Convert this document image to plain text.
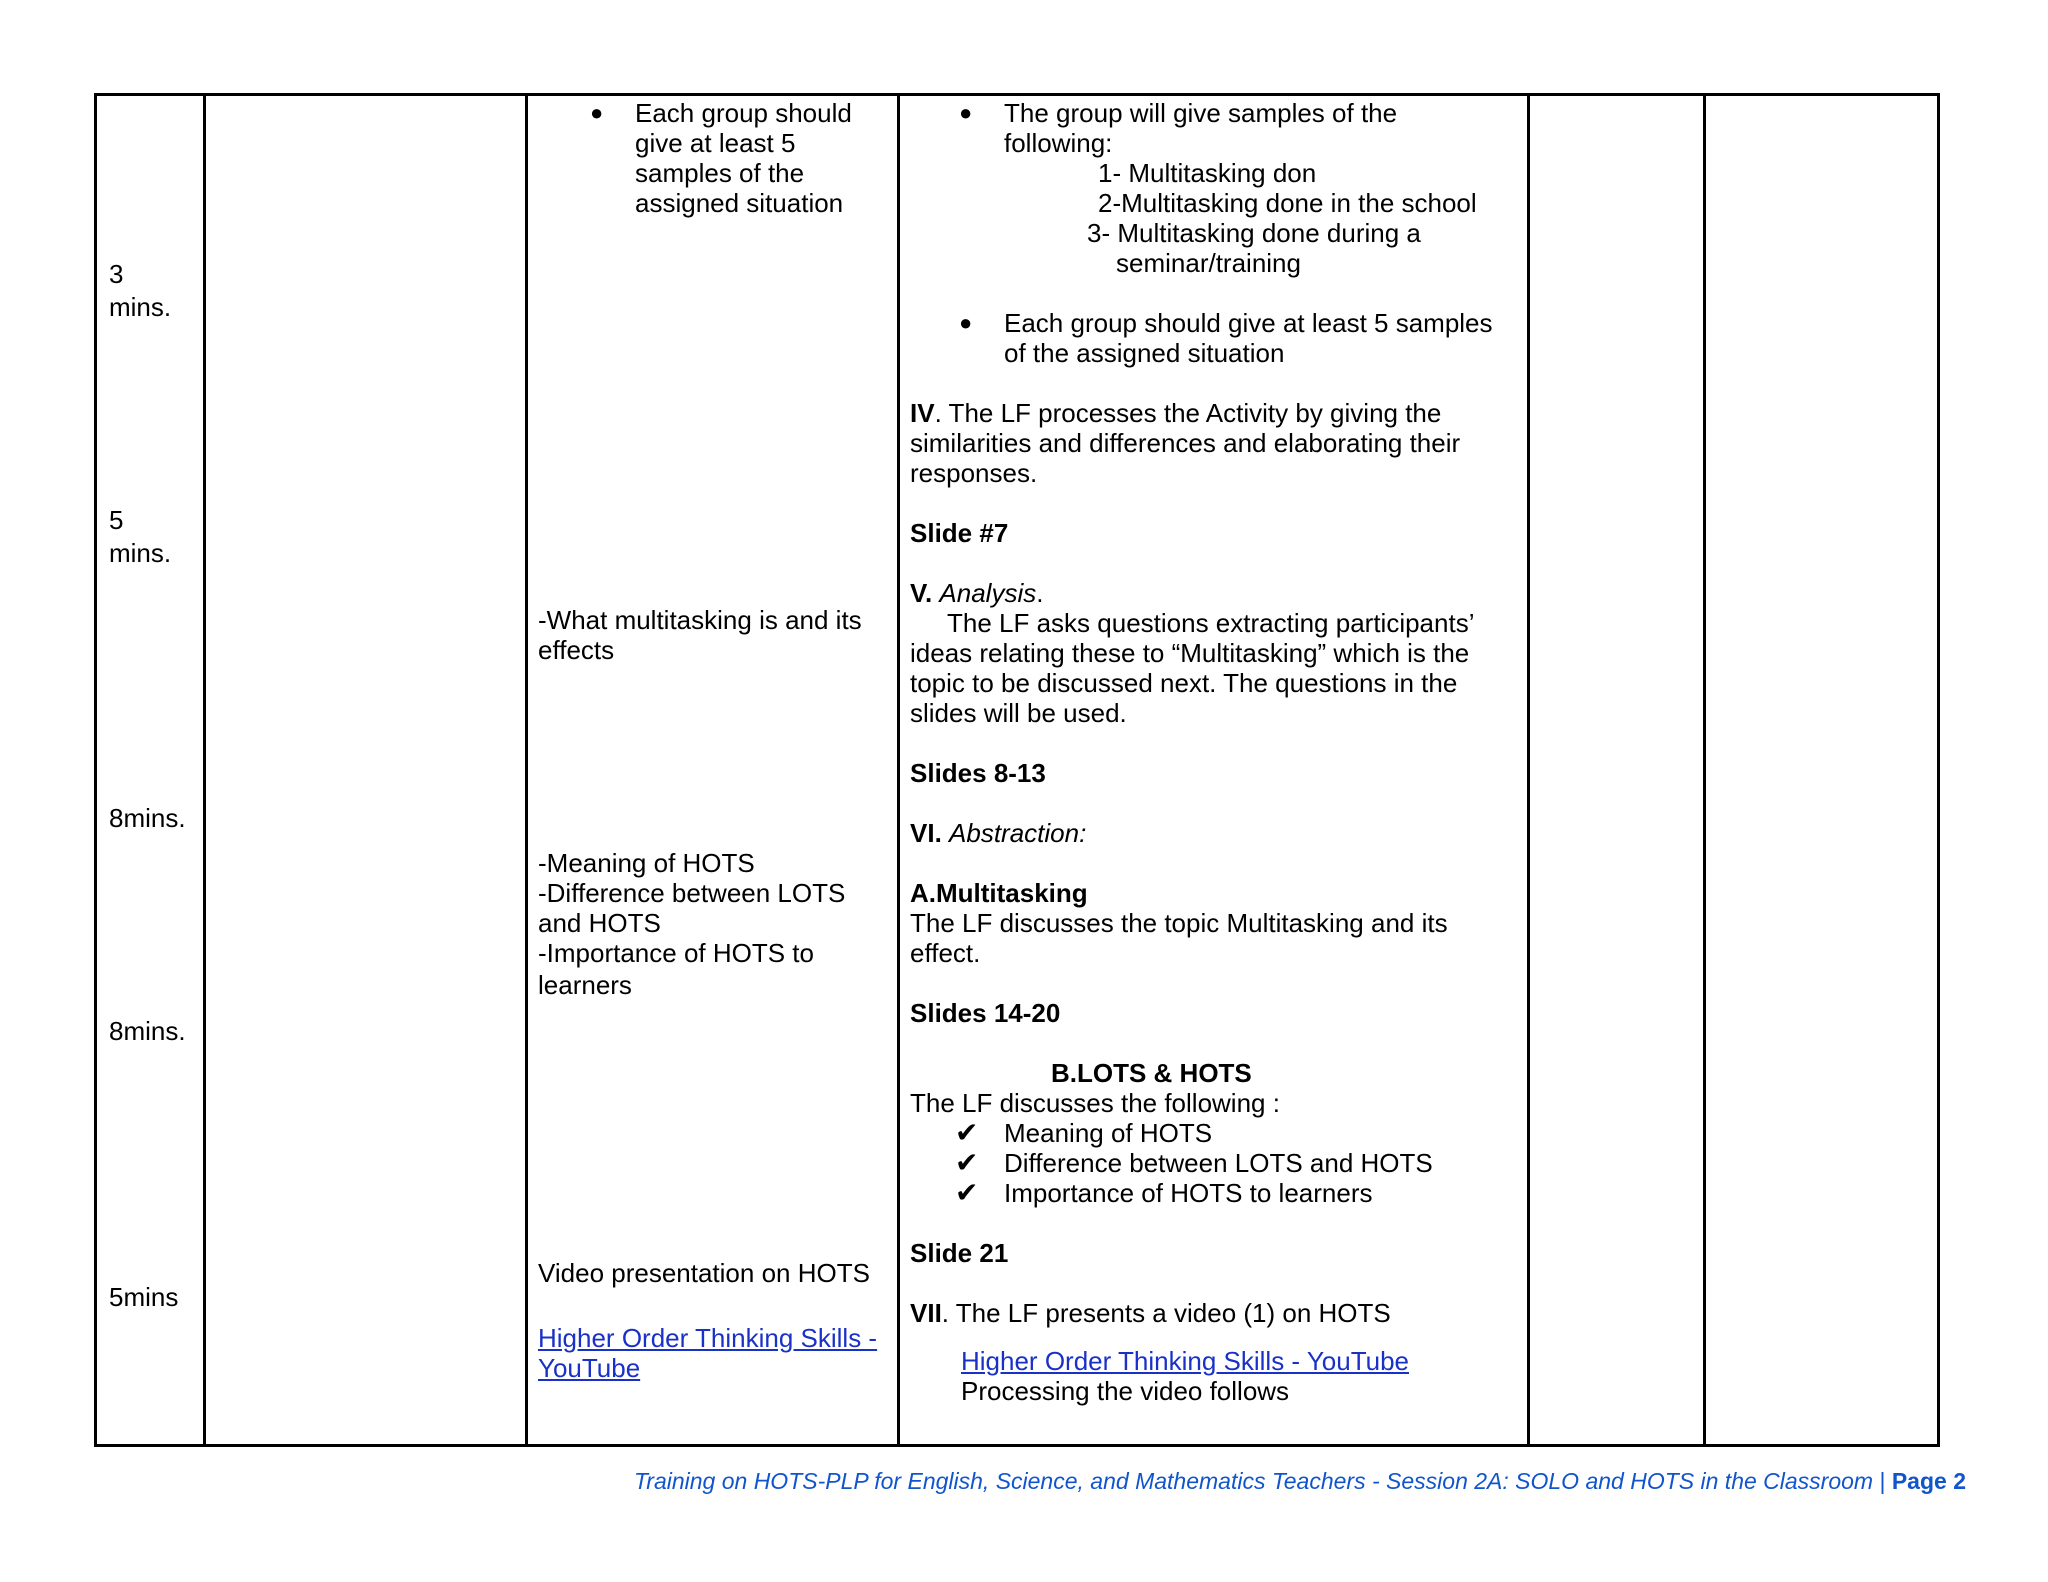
3
mins.
5
mins.
8mins.
8mins.
5mins
● Each group should
give at least 5
samples of the
assigned situation
-What multitasking is and its
effects
-Meaning of HOTS
-Difference between LOTS
and HOTS
-Importance of HOTS to
learners
Video presentation on HOTS
Higher Order Thinking Skills -
YouTube
● The group will give samples of the
following:
1- Multitasking don
2-Multitasking done in the school
3- Multitasking done during a
seminar/training
● Each group should give at least 5 samples
of the assigned situation
IV. The LF processes the Activity by giving the
similarities and differences and elaborating their
responses.
Slide #7
V. Analysis.
The LF asks questions extracting participants’
ideas relating these to “Multitasking” which is the
topic to be discussed next. The questions in the
slides will be used.
Slides 8-13
VI. Abstraction:
A.Multitasking
The LF discusses the topic Multitasking and its
effect.
Slides 14-20
B.LOTS & HOTS
The LF discusses the following :
✔ Meaning of HOTS
✔ Difference between LOTS and HOTS
✔ Importance of HOTS to learners
Slide 21
VII. The LF presents a video (1) on HOTS
Higher Order Thinking Skills - YouTube
Processing the video follows
Training on HOTS-PLP for English, Science, and Mathematics Teachers - Session 2A: SOLO and HOTS in the Classroom | Page 2
